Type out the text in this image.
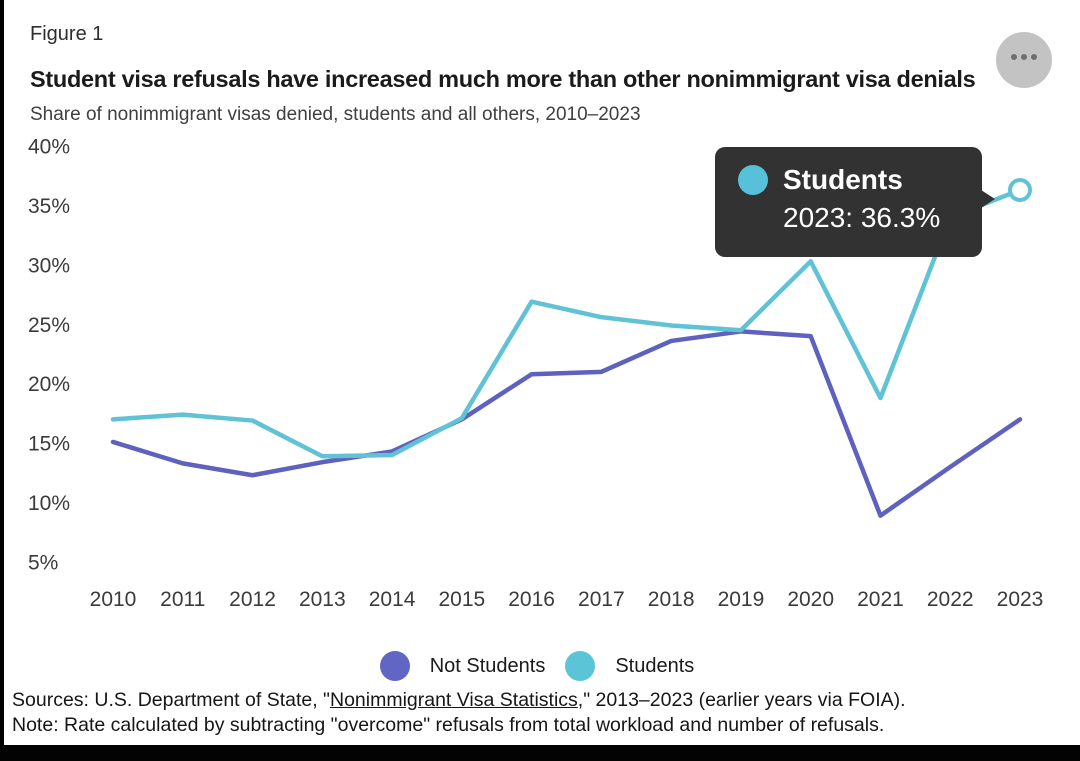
Figure 1
Student visa refusals have increased much more than other nonimmigrant visa denials
Share of nonimmigrant visas denied, students and all others, 2010–2023
5%
10%
15%
20%
25%
30%
35%
40%
2010 2011 2012 2013 2014 2015 2016 2017 2018 2019 2020 2021 2022 2023
Students
2023: 36.3%
Not Students	Students
Sources: U.S. Department of State, "Nonimmigrant Visa Statistics," 2013–2023 (earlier years via FOIA).
Note: Rate calculated by subtracting "overcome" refusals from total workload and number of refusals.
